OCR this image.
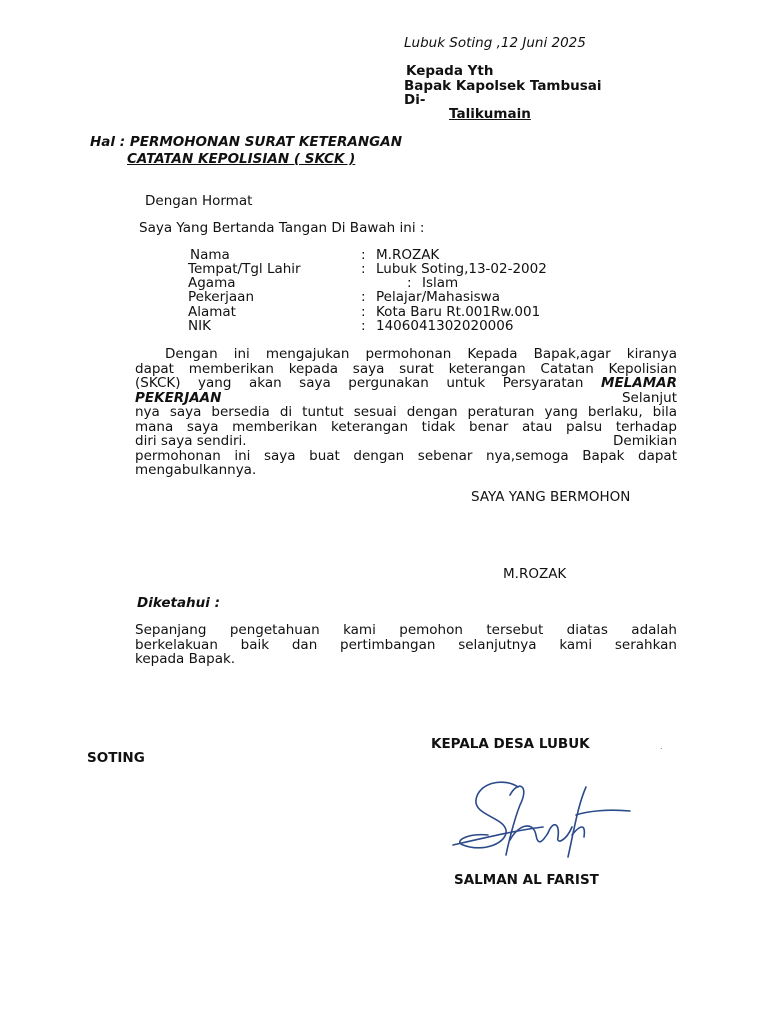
Lubuk Soting ,12 Juni 2025
Kepada Yth
Bapak Kapolsek Tambusai
Di-
Talikumain
Hal : PERMOHONAN SURAT KETERANGAN
CATATAN KEPOLISIAN ( SKCK )
Dengan Hormat
Saya Yang Bertanda Tangan Di Bawah ini :
Nama	: M.ROZAK
Tempat/Tgl Lahir	: Lubuk Soting,13-02-2002
Agama	: Islam
Pekerjaan	: Pelajar/Mahasiswa
Alamat	: Kota Baru Rt.001Rw.001
NIK	: 1406041302020006
Dengan ini mengajukan permohonan Kepada Bapak,agar kiranya
dapat memberikan kepada saya surat keterangan Catatan Kepolisian
(SKCK) yang akan saya pergunakan untuk Persyaratan MELAMAR
PEKERJAAN	Selanjut
nya saya bersedia di tuntut sesuai dengan peraturan yang berlaku, bila
mana saya memberikan keterangan tidak benar atau palsu terhadap
diri saya sendiri.	Demikian
permohonan ini saya buat dengan sebenar nya,semoga Bapak dapat
mengabulkannya.
SAYA YANG BERMOHON
M.ROZAK
Diketahui :
Sepanjang pengetahuan kami pemohon tersebut diatas adalah
berkelakuan baik dan pertimbangan selanjutnya kami serahkan
kepada Bapak.
KEPALA DESA LUBUK
SOTING
.
SALMAN AL FARIST
